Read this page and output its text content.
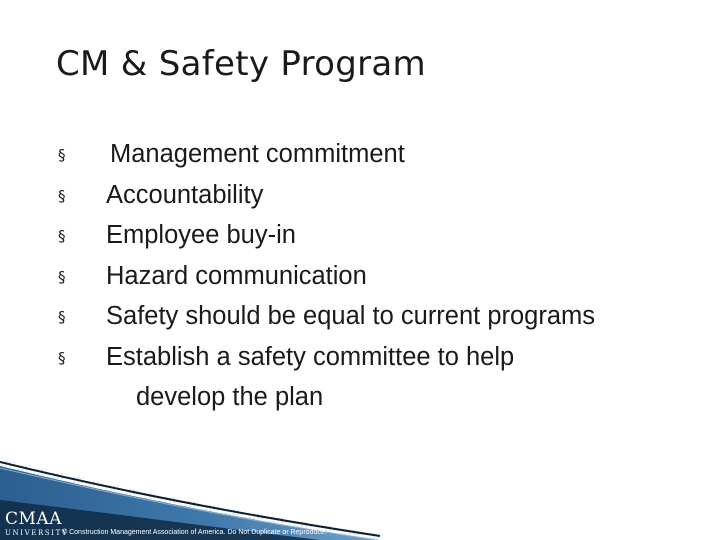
CM & Safety Program
§ Management commitment
§ Accountability
§ Employee buy-in
§ Hazard communication
§ Safety should be equal to current programs
§ Establish a safety committee to help
develop the plan
CMAA
UNIVERSITY
© Construction Management Association of America. Do Not Duplicate or Reproduce.
